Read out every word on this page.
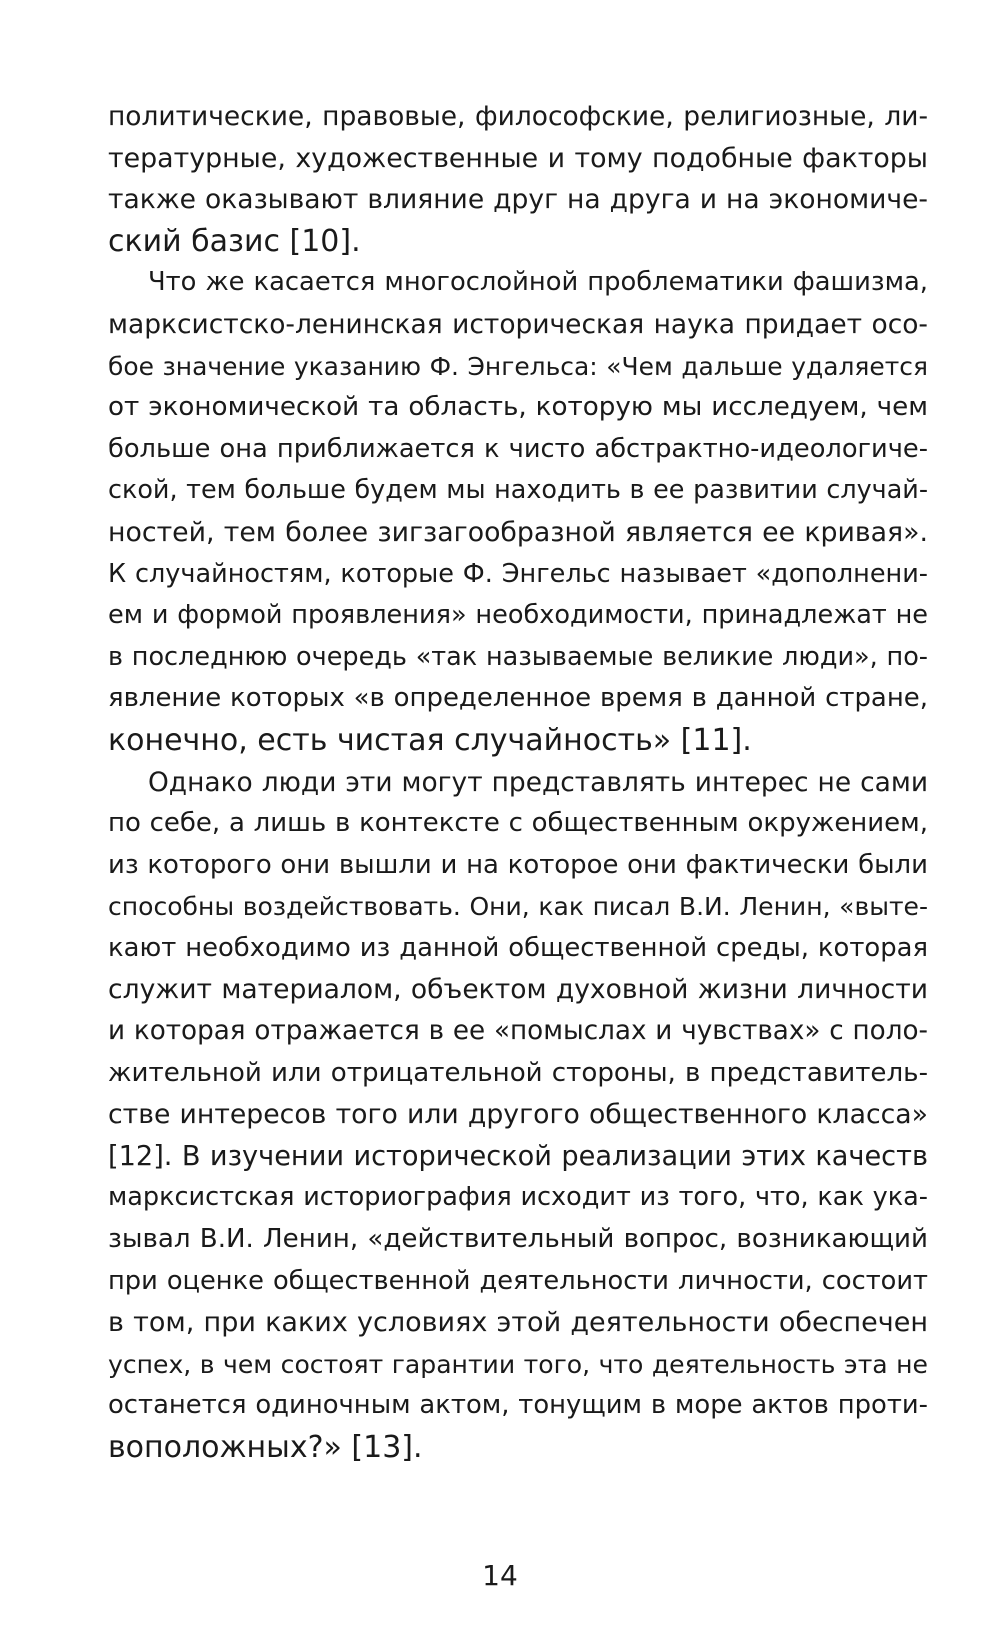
политические, правовые, философские, религиозные, ли-
тературные, художественные и тому подобные факторы
также оказывают влияние друг на друга и на экономиче-
ский базис [10].
Что же касается многослойной проблематики фашизма,
марксистско-ленинская историческая наука придает осо-
бое значение указанию Ф. Энгельса: «Чем дальше удаляется
от экономической та область, которую мы исследуем, чем
больше она приближается к чисто абстрактно-идеологиче-
ской, тем больше будем мы находить в ее развитии случай-
ностей, тем более зигзагообразной является ее кривая».
К случайностям, которые Ф. Энгельс называет «дополнени-
ем и формой проявления» необходимости, принадлежат не
в последнюю очередь «так называемые великие люди», по-
явление которых «в определенное время в данной стране,
конечно, есть чистая случайность» [11].
Однако люди эти могут представлять интерес не сами
по себе, а лишь в контексте с общественным окружением,
из которого они вышли и на которое они фактически были
способны воздействовать. Они, как писал В.И. Ленин, «выте-
кают необходимо из данной общественной среды, которая
служит материалом, объектом духовной жизни личности
и которая отражается в ее «помыслах и чувствах» с поло-
жительной или отрицательной стороны, в представитель-
стве интересов того или другого общественного класса»
[12]. В изучении исторической реализации этих качеств
марксистская историография исходит из того, что, как ука-
зывал В.И. Ленин, «действительный вопрос, возникающий
при оценке общественной деятельности личности, состоит
в том, при каких условиях этой деятельности обеспечен
успех, в чем состоят гарантии того, что деятельность эта не
останется одиночным актом, тонущим в море актов проти-
воположных?» [13].
14
